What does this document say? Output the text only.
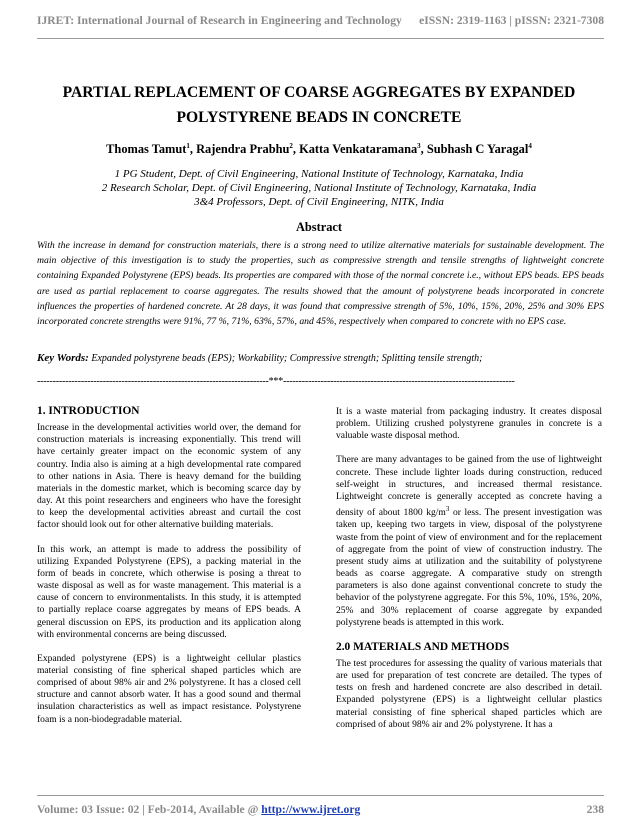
IJRET: International Journal of Research in Engineering and Technology eISSN: 2319-1163 | pISSN: 2321-7308
PARTIAL REPLACEMENT OF COARSE AGGREGATES BY EXPANDED
POLYSTYRENE BEADS IN CONCRETE
Thomas Tamut$^1$, Rajendra Prabhu$^2$, Katta Venkataramana$^3$, Subhash C Yaragal$^4$
1 PG Student, Dept. of Civil Engineering, National Institute of Technology, Karnataka, India
2 Research Scholar, Dept. of Civil Engineering, National Institute of Technology, Karnataka, India
3&4 Professors, Dept. of Civil Engineering, NITK, India
Abstract
With the increase in demand for construction materials, there is a strong need to utilize alternative materials for sustainable development. The main objective of this investigation is to study the properties, such as compressive strength and tensile strengths of lightweight concrete containing Expanded Polystyrene (EPS) beads. Its properties are compared with those of the normal concrete i.e., without EPS beads. EPS beads are used as partial replacement to coarse aggregates. The results showed that the amount of polystyrene beads incorporated in concrete influences the properties of hardened concrete. At 28 days, it was found that compressive strength of 5%, 10%, 15%, 20%, 25% and 30% EPS incorporated concrete strengths were 91%, 77 %, 71%, 63%, 57%, and 45%, respectively when compared to concrete with no EPS case.
Key Words: Expanded polystyrene beads (EPS); Workability; Compressive strength; Splitting tensile strength;
--------------------------------------------------------------------------***--------------------------------------------------------------------------
1. INTRODUCTION

Increase in the developmental activities world over, the demand for construction materials is increasing exponentially. This trend will have certainly greater impact on the economic system of any country. India also is aiming at a high developmental rate compared to other nations in Asia. There is heavy demand for the building materials in the domestic market, which is becoming scarce day by day. At this point researchers and engineers who have the foresight to keep the developmental activities abreast and curtail the cost factor should look out for other alternative building materials.

In this work, an attempt is made to address the possibility of utilizing Expanded Polystyrene (EPS), a packing material in the form of beads in concrete, which otherwise is posing a threat to waste disposal as well as for waste management. This material is a cause of concern to environmentalists. In this study, it is attempted to partially replace coarse aggregates by means of EPS beads. A general discussion on EPS, its production and its application along with environmental concerns are being discussed.

Expanded polystyrene (EPS) is a lightweight cellular plastics material consisting of fine spherical shaped particles which are comprised of about 98% air and 2% polystyrene. It has a closed cell structure and cannot absorb water. It has a good sound and thermal insulation characteristics as well as impact resistance. Polystyrene foam is a non-biodegradable material.

It is a waste material from packaging industry. It creates disposal problem. Utilizing crushed polystyrene granules in concrete is a valuable waste disposal method.

There are many advantages to be gained from the use of lightweight concrete. These include lighter loads during construction, reduced self-weight in structures, and increased thermal resistance. Lightweight concrete is generally accepted as concrete having a density of about 1800 $kg/m^3$ or less. The present investigation was taken up, keeping two targets in view, disposal of the polystyrene waste from the point of view of environment and for the replacement of aggregate from the point of view of construction industry. The present study aims at utilization and the suitability of polystyrene beads as coarse aggregate. A comparative study on strength parameters is also done against conventional concrete to study the behavior of the polystyrene aggregate. For this 5%, 10%, 15%, 20%, 25% and 30% replacement of coarse aggregate by expanded polystyrene beads is attempted in this work.

2.0 MATERIALS AND METHODS

The test procedures for assessing the quality of various materials that are used for preparation of test concrete are detailed. The types of tests on fresh and hardened concrete are also described in detail. Expanded polystyrene (EPS) is a lightweight cellular plastics material consisting of fine spherical shaped particles which are comprised of about 98% air and 2% polystyrene. It has a

Volume: 03 Issue: 02 | Feb-2014, Available @ http://www.ijret.org	238
